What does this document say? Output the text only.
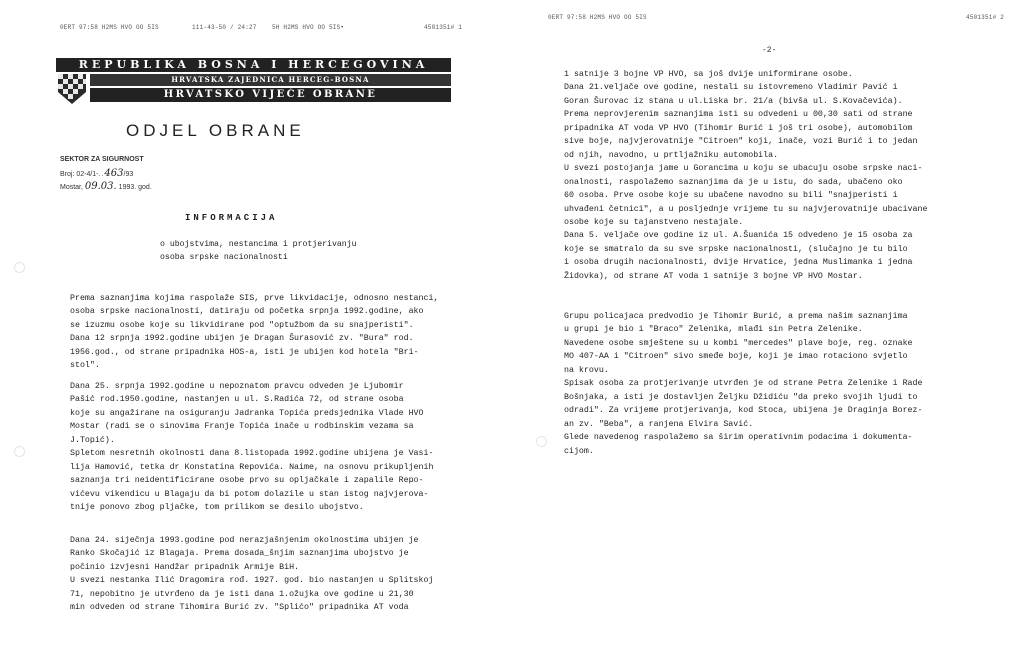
0ERT 97:58 H2MS HVO OO 5IS	111-43-50 / 24:27	5H H2MS HVO OO 5IS•	4501351# 1
REPUBLIKA BOSNA I HERCEGOVINA
HRVATSKA ZAJEDNICA HERCEG-BOSNA
HRVATSKO VIJEĆE OBRANE
ODJEL OBRANE
SEKTOR ZA SIGURNOST
Broj: 02-4/1-..463/93
Mostar, 09.03. 1993. god.
INFORMACIJA
o ubojstvima, nestancima i protjerivanju
osoba srpske nacionalnosti
Prema saznanjima kojima raspolaže SIS, prve likvidacije, odnosno nestanci,
osoba srpske nacionalnosti, datiraju od početka srpnja 1992.godine, ako
se izuzmu osobe koje su likvidirane pod "optužbom da su snajperisti".
Dana 12 srpnja 1992.godine ubijen je Dragan Šurasović zv. "Bura" rod.
1956.god., od strane pripadnika HOS-a, isti je ubijen kod hotela "Bri-
stol".
Dana 25. srpnja 1992.godine u nepoznatom pravcu odveden je Ljubomir
Pašić rod.1950.godine, nastanjen u ul. S.Radića 72, od strane osoba
koje su angažirane na osiguranju Jadranka Topića predsjednika Vlade HVO
Mostar (radi se o sinovima Franje Topića inače u rodbinskim vezama sa
J.Topić).
Spletom nesretnih okolnosti dana 8.listopada 1992.godine ubijena je Vasi-
lija Hamović, tetka dr Konstatina Repovića. Naime, na osnovu prikupljenih
saznanja tri neidentificirane osobe prvo su opljačkale i zapalile Repo-
vićevu vikendicu u Blagaju da bi potom dolazile u stan istog najvjerova-
tnije ponovo zbog pljačke, tom prilikom se desilo ubojstvo.
Dana 24. siječnja 1993.godine pod nerazjašnjenim okolnostima ubijen je
Ranko Skočajić iz Blagaja. Prema dosada_šnjim saznanjima ubojstvo je
počinio izvjesni Handžar pripadnik Armije BiH.
U svezi nestanka Ilić Dragomira rođ. 1927. god. bio nastanjen u Splitskoj
71, nepobitno je utvrđeno da je isti dana 1.ožujka ove godine u 21,30
min odveden od strane Tihomira Burić zv. "Splićo" pripadnika AT voda
0ERT 97:58 H2MS HVO OO 5IS	4501351# 2
-2-
1 satnije 3 bojne VP HVO, sa još dvije uniformirane osobe.
Dana 21.veljače ove godine, nestali su istovremeno Vladimir Pavić i
Goran Šurovac iz stana u ul.Liska br. 21/a (bivša ul. S.Kovačevića).
Prema neprovjerenim saznanjima isti su odvedeni u 00,30 sati od strane
pripadnika AT voda VP HVO (Tihomir Burić i još tri osobe), automobilom
sive boje, najvjerovatnije "Citroen" koji, inače, vozi Burić i to jedan
od njih, navodno, u prtljažniku automobila.
U svezi postojanja jame u Gorancima u koju se ubacuju osobe srpske naci-
onalnosti, raspolažemo saznanjima da je u istu, do sada, ubačeno oko
60 osoba. Prve osobe koje su ubačene navodno su bili "snajperisti i
uhvađeni četnici", a u posljednje vrijeme tu su najvjerovatnije ubacivane
osobe koje su tajanstveno nestajale.
Dana 5. veljače ove godine iz ul. A.Šuanića 15 odvedeno je 15 osoba za
koje se smatralo da su sve srpske nacionalnosti, (slučajno je tu bilo
i osoba drugih nacionalnosti, dvije Hrvatice, jedna Muslimanka i jedna
Židovka), od strane AT voda 1 satnije 3 bojne VP HVO Mostar.
Grupu policajaca predvodio je Tihomir Burić, a prema našim saznanjima
u grupi je bio i "Braco" Zelenika, mlađi sin Petra Zelenike.
Navedene osobe smještene su u kombi "mercedes" plave boje, reg. oznake
MO 407-AA i "Citroen" sivo smeđe boje, koji je imao rotaciono svjetlo
na krovu.
Spisak osoba za protjerivanje utvrđen je od strane Petra Zelenike i Rade
Bošnjaka, a isti je dostavljen Željku Džidiću "da preko svojih ljudi to
odradi". Za vrijeme protjerivanja, kod Stoca, ubijena je Draginja Borez-
an zv. "Beba", a ranjena Elvira Savić.
Glede navedenog raspolažemo sa širim operativnim podacima i dokumenta-
cijom.
